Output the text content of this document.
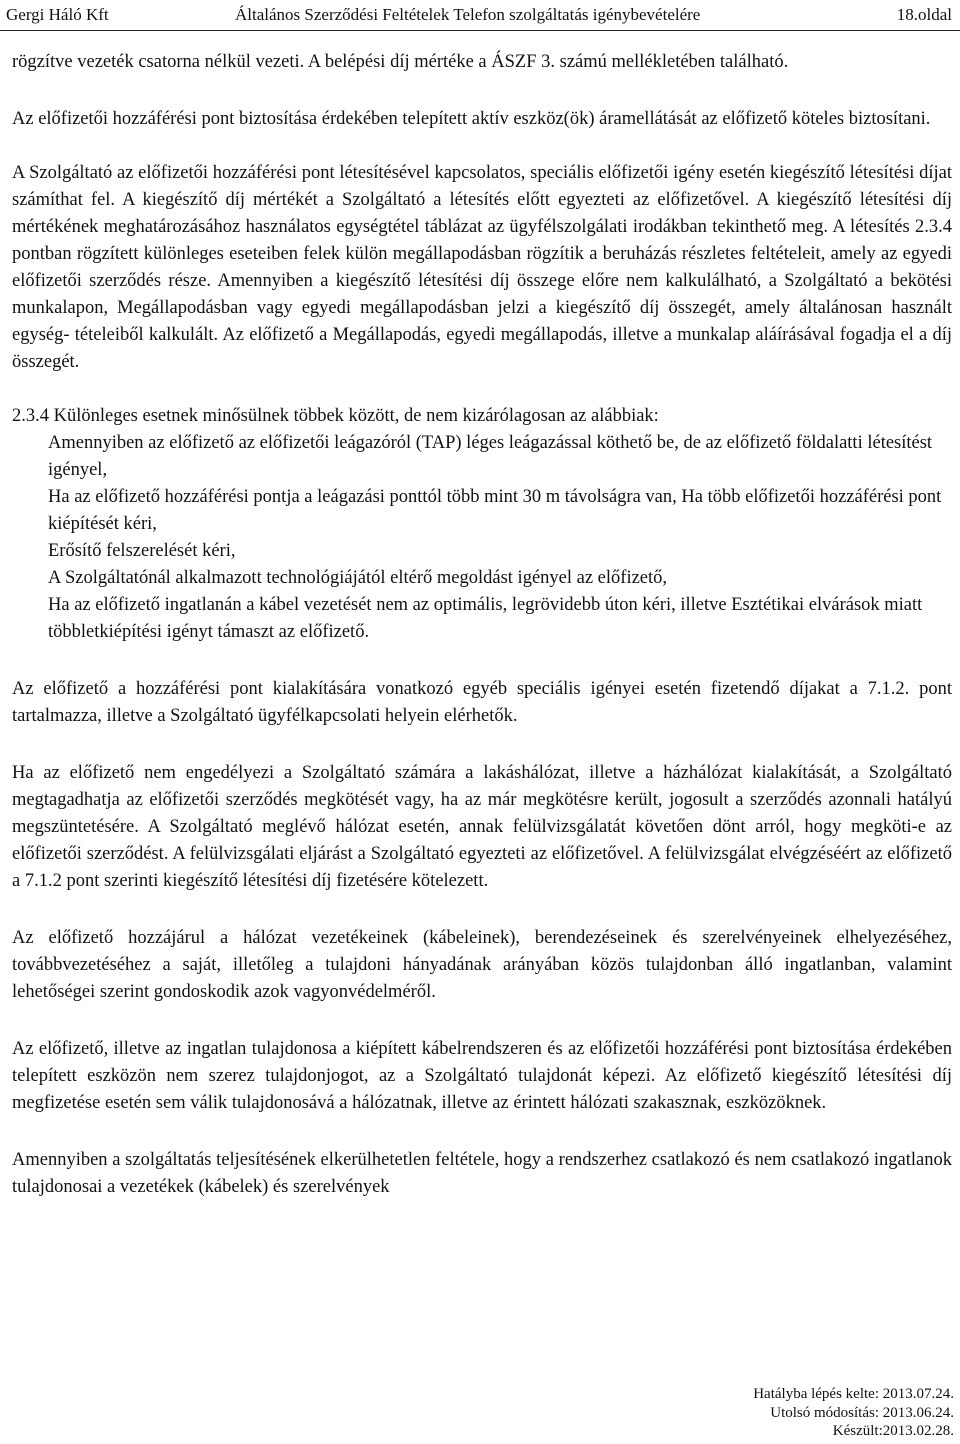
Gergi Háló Kft	Általános Szerződési Feltételek Telefon szolgáltatás igénybevételére	18.oldal

rögzítve vezeték csatorna nélkül vezeti. A belépési díj mértéke a ÁSZF 3. számú mellékletében található.

Az előfizetői hozzáférési pont biztosítása érdekében telepített aktív eszköz(ök) áramellátását az előfizető köteles biztosítani.

A Szolgáltató az előfizetői hozzáférési pont létesítésével kapcsolatos, speciális előfizetői igény esetén kiegészítő létesítési díjat számíthat fel. A kiegészítő díj mértékét a Szolgáltató a létesítés előtt egyezteti az előfizetővel. A kiegészítő létesítési díj mértékének meghatározásához használatos egységtétel táblázat az ügyfélszolgálati irodákban tekinthető meg. A létesítés 2.3.4 pontban rögzített különleges eseteiben felek külön megállapodásban rögzítik a beruházás részletes feltételeit, amely az egyedi előfizetői szerződés része. Amennyiben a kiegészítő létesítési díj összege előre nem kalkulálható, a Szolgáltató a bekötési munkalapon, Megállapodásban vagy egyedi megállapodásban jelzi a kiegészítő díj összegét, amely általánosan használt egység- tételeiből kalkulált. Az előfizető a Megállapodás, egyedi megállapodás, illetve a munkalap aláírásával fogadja el a díj összegét.

2.3.4 Különleges esetnek minősülnek többek között, de nem kizárólagosan az alábbiak:

Amennyiben az előfizető az előfizetői leágazóról (TAP) léges leágazással köthető be, de az előfizető földalatti létesítést igényel,

Ha az előfizető hozzáférési pontja a leágazási ponttól több mint 30 m távolságra van, Ha több előfizetői hozzáférési pont kiépítését kéri,

Erősítő felszerelését kéri,

A Szolgáltatónál alkalmazott technológiájától eltérő megoldást igényel az előfizető,

Ha az előfizető ingatlanán a kábel vezetését nem az optimális, legrövidebb úton kéri, illetve Esztétikai elvárások miatt többletkiépítési igényt támaszt az előfizető.

Az előfizető a hozzáférési pont kialakítására vonatkozó egyéb speciális igényei esetén fizetendő díjakat a 7.1.2. pont tartalmazza, illetve a Szolgáltató ügyfélkapcsolati helyein elérhetők.

Ha az előfizető nem engedélyezi a Szolgáltató számára a lakáshálózat, illetve a házhálózat kialakítását, a Szolgáltató megtagadhatja az előfizetői szerződés megkötését vagy, ha az már megkötésre került, jogosult a szerződés azonnali hatályú megszüntetésére. A Szolgáltató meglévő hálózat esetén, annak felülvizsgálatát követően dönt arról, hogy megköti-e az előfizetői szerződést. A felülvizsgálati eljárást a Szolgáltató egyezteti az előfizetővel. A felülvizsgálat elvégzéséért az előfizető a 7.1.2 pont szerinti kiegészítő létesítési díj fizetésére kötelezett.

Az előfizető hozzájárul a hálózat vezetékeinek (kábeleinek), berendezéseinek és szerelvényeinek elhelyezéséhez, továbbvezetéséhez a saját, illetőleg a tulajdoni hányadának arányában közös tulajdonban álló ingatlanban, valamint lehetőségei szerint gondoskodik azok vagyonvédelméről.

Az előfizető, illetve az ingatlan tulajdonosa a kiépített kábelrendszeren és az előfizetői hozzáférési pont biztosítása érdekében telepített eszközön nem szerez tulajdonjogot, az a Szolgáltató tulajdonát képezi. Az előfizető kiegészítő létesítési díj megfizetése esetén sem válik tulajdonosává a hálózatnak, illetve az érintett hálózati szakasznak, eszközöknek.

Amennyiben a szolgáltatás teljesítésének elkerülhetetlen feltétele, hogy a rendszerhez csatlakozó és nem csatlakozó ingatlanok tulajdonosai a vezetékek (kábelek) és szerelvények

Hatályba lépés kelte: 2013.07.24.
Utolsó módosítás: 2013.06.24.
Készült:2013.02.28.
